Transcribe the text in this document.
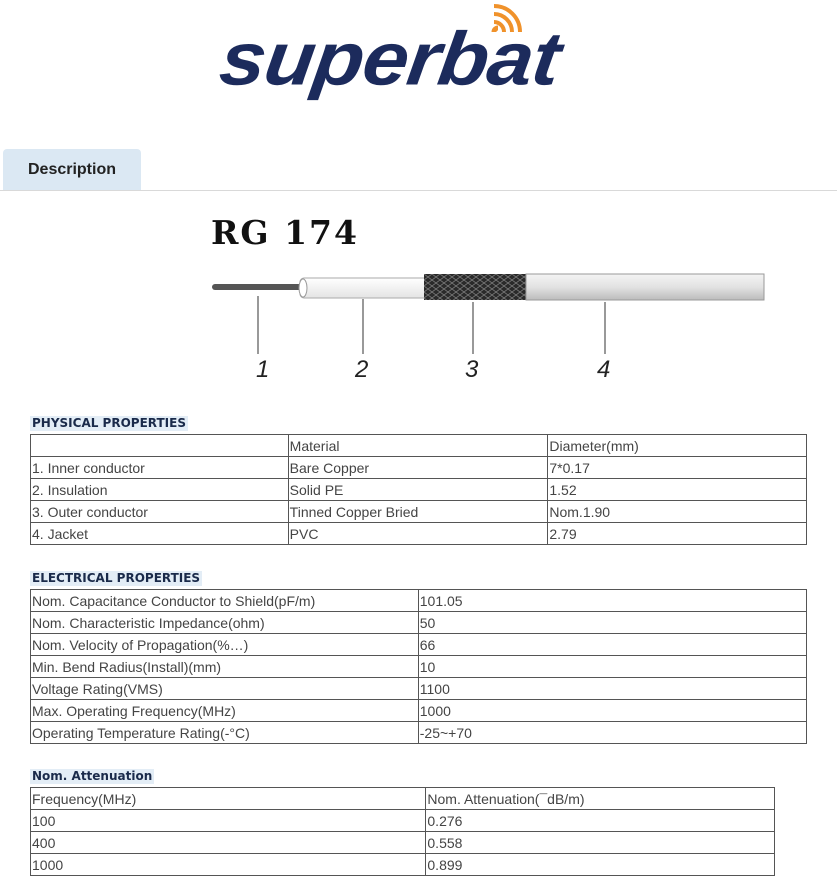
superbat
Description
RG 174
1	2	3	4
PHYSICAL PROPERTIES
	Material	Diameter(mm)
1. Inner conductor	Bare Copper	7*0.17
2. Insulation	Solid PE	1.52
3. Outer conductor	Tinned Copper Bried	Nom.1.90
4. Jacket	PVC	2.79
ELECTRICAL PROPERTIES
Nom. Capacitance Conductor to Shield(pF/m)	101.05
Nom. Characteristic Impedance(ohm)	50
Nom. Velocity of Propagation(%…)	66
Min. Bend Radius(Install)(mm)	10
Voltage Rating(VMS)	1100
Max. Operating Frequency(MHz)	1000
Operating Temperature Rating(-°C)	-25~+70
Nom. Attenuation
Frequency(MHz)	Nom. Attenuation(¯dB/m)
100	0.276
400	0.558
1000	0.899
